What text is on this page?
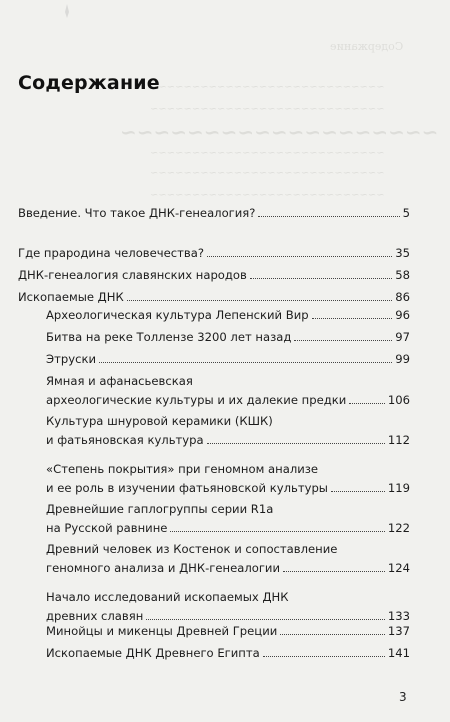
Содержание
~~~~~~~~~~~~~~~~~~~~~~~~~~~~
~~~~~~~~~~~~~~~~~~~~~~~~~~~~
~~~~~~~~~~~~~~~~~~~
~~~~~~~~~~~~~~~~~~~~~~~~~~~~
~~~~~~~~~~~~~~~~~~~~~~~~~~~~
~~~~~~~~~~~~~~~~~~~~~~~~~~~~
Содержание
Введение. Что такое ДНК-генеалогия?	5
Где прародина человечества?	35
ДНК-генеалогия славянских народов	58
Ископаемые ДНК	86
Археологическая культура Лепенский Вир	96
Битва на реке Толлензе 3200 лет назад	97
Этруски	99
Ямная и афанасьевская
археологические культуры и их далекие предки	106
Культура шнуровой керамики (КШК)
и фатьяновская культура	112
«Степень покрытия» при геномном анализе
и ее роль в изучении фатьяновской культуры	119
Древнейшие гаплогруппы серии R1a
на Русской равнине	122
Древний человек из Костенок и сопоставление
геномного анализа и ДНК-генеалогии	124
Начало исследований ископаемых ДНК
древних славян	133
Минойцы и микенцы Древней Греции	137
Ископаемые ДНК Древнего Египта	141
3
